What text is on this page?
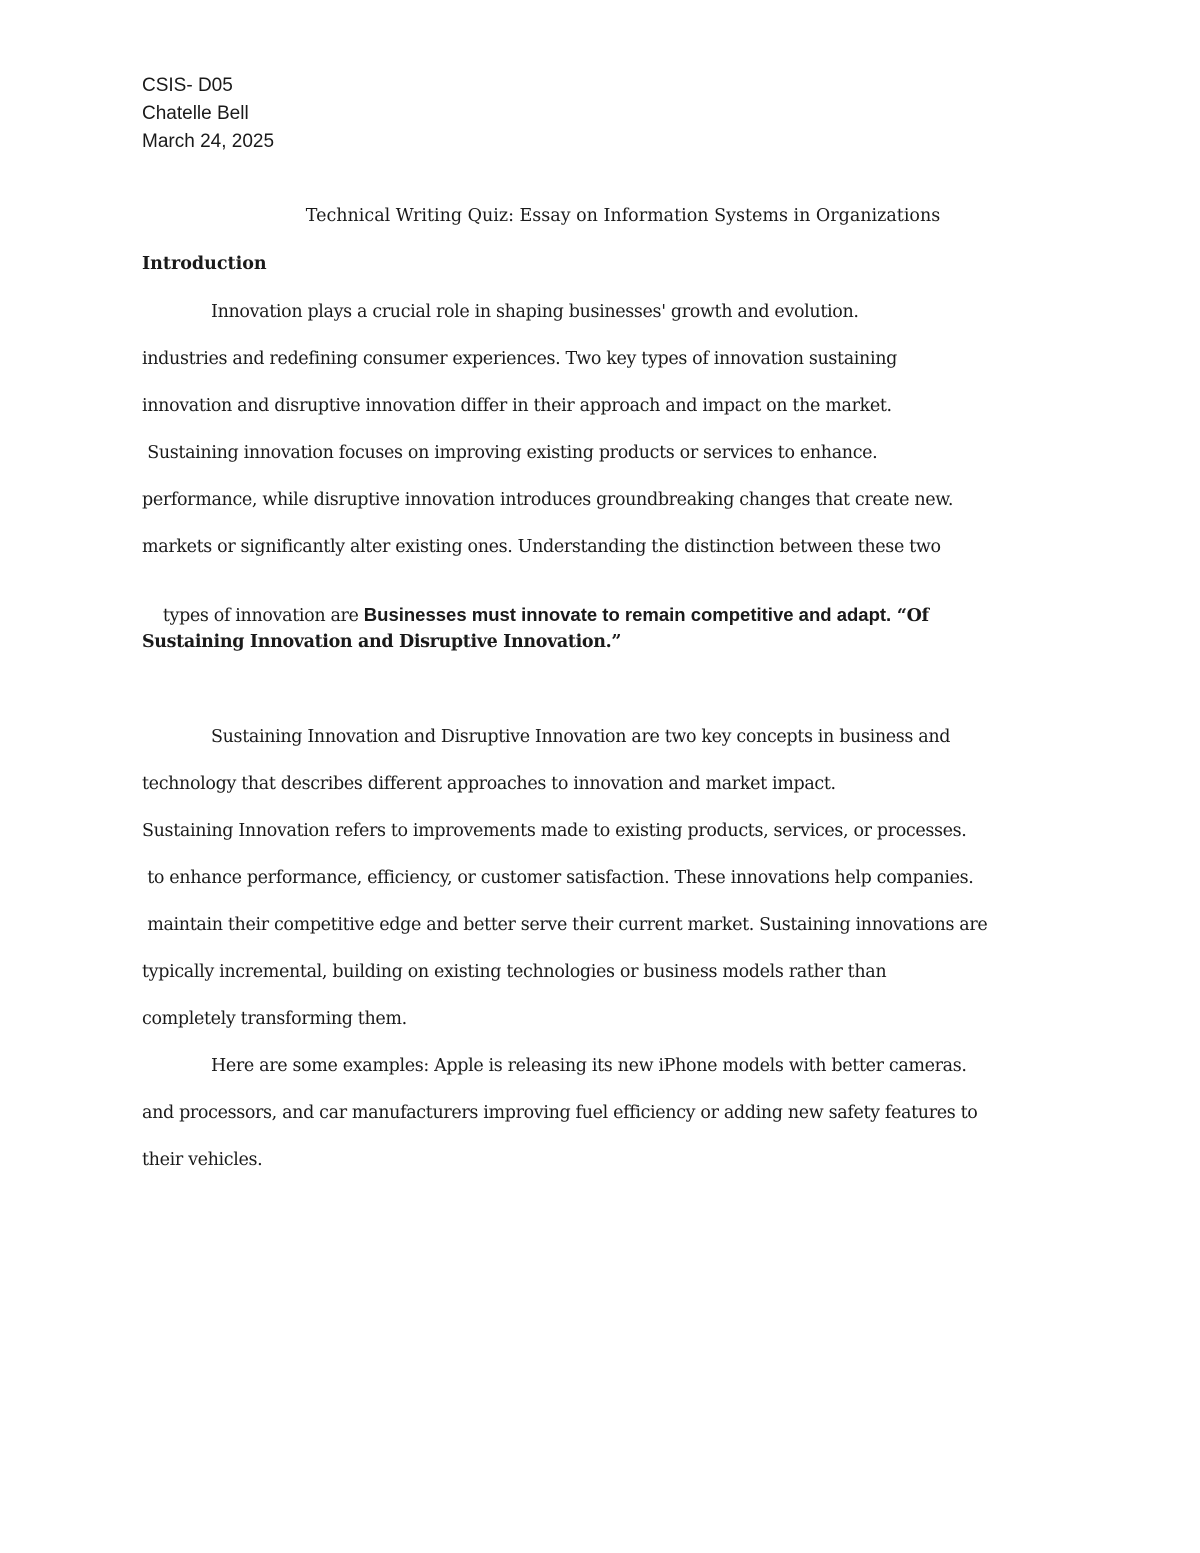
CSIS- D05
Chatelle Bell
March 24, 2025
Technical Writing Quiz: Essay on Information Systems in Organizations
Introduction
Innovation plays a crucial role in shaping businesses' growth and evolution.
industries and redefining consumer experiences. Two key types of innovation sustaining
innovation and disruptive innovation differ in their approach and impact on the market.
Sustaining innovation focuses on improving existing products or services to enhance.
performance, while disruptive innovation introduces groundbreaking changes that create new.
markets or significantly alter existing ones. Understanding the distinction between these two

types of innovation are Businesses must innovate to remain competitive and adapt. “Of

Sustaining Innovation and Disruptive Innovation.”
Sustaining Innovation and Disruptive Innovation are two key concepts in business and
technology that describes different approaches to innovation and market impact.
Sustaining Innovation refers to improvements made to existing products, services, or processes.
to enhance performance, efficiency, or customer satisfaction. These innovations help companies.
maintain their competitive edge and better serve their current market. Sustaining innovations are
typically incremental, building on existing technologies or business models rather than
completely transforming them.
Here are some examples: Apple is releasing its new iPhone models with better cameras.
and processors, and car manufacturers improving fuel efficiency or adding new safety features to
their vehicles.
